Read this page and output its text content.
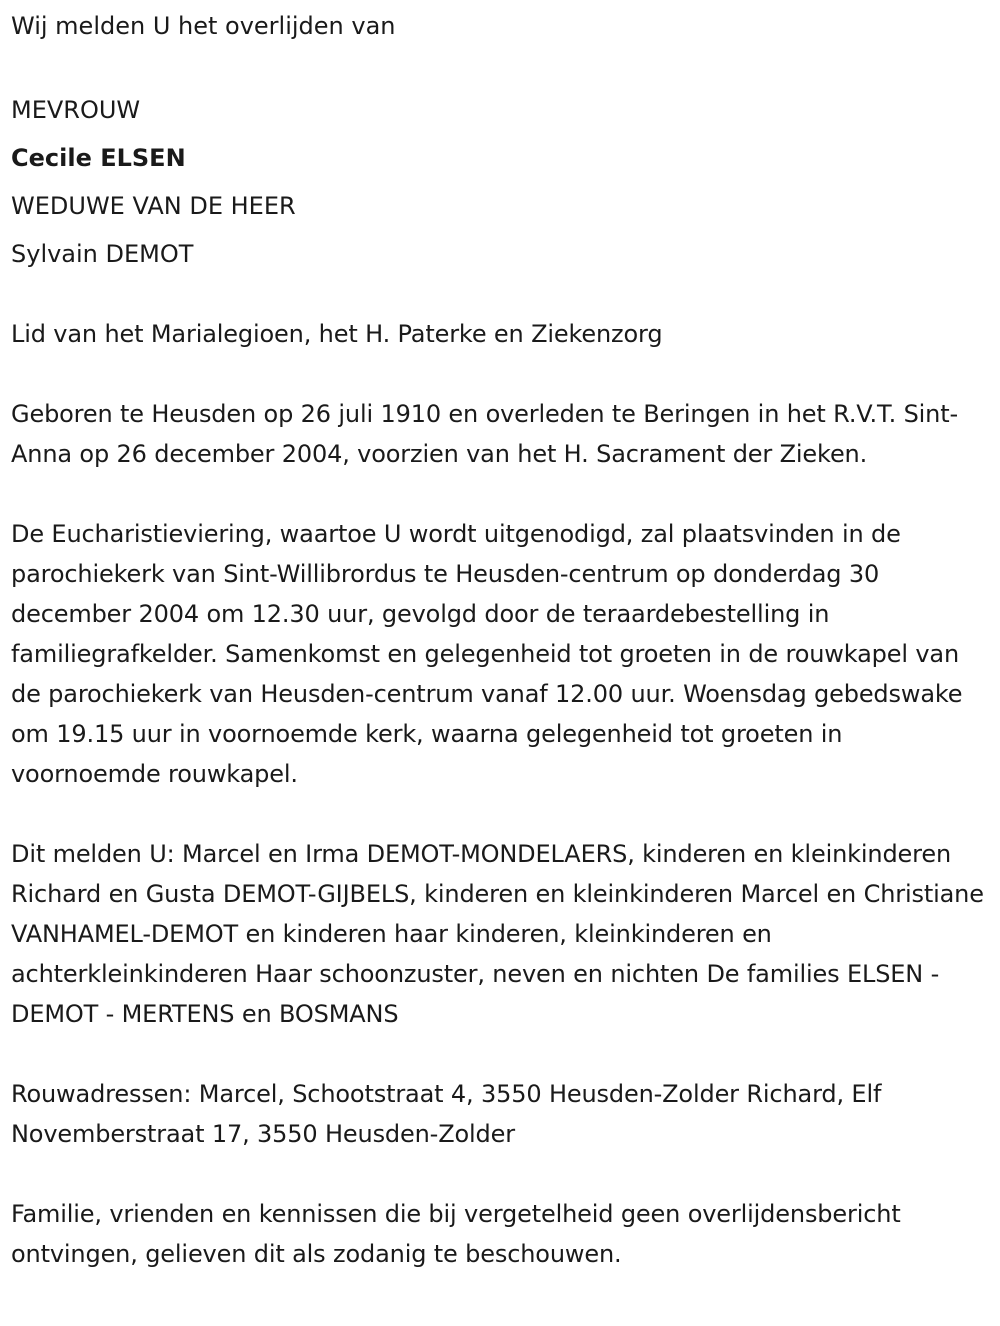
Wij melden U het overlijden van

MEVROUW

Cecile ELSEN

WEDUWE VAN DE HEER

Sylvain DEMOT

Lid van het Marialegioen, het H. Paterke en Ziekenzorg

Geboren te Heusden op 26 juli 1910 en overleden te Beringen in het R.V.T. Sint-Anna op 26 december 2004, voorzien van het H. Sacrament der Zieken.

De Eucharistieviering, waartoe U wordt uitgenodigd, zal plaatsvinden in de parochiekerk van Sint-Willibrordus te Heusden-centrum op donderdag 30 december 2004 om 12.30 uur, gevolgd door de teraardebestelling in familiegrafkelder. Samenkomst en gelegenheid tot groeten in de rouwkapel van de parochiekerk van Heusden-centrum vanaf 12.00 uur. Woensdag gebedswake om 19.15 uur in voornoemde kerk, waarna gelegenheid tot groeten in voornoemde rouwkapel.

Dit melden U: Marcel en Irma DEMOT-MONDELAERS, kinderen en kleinkinderen Richard en Gusta DEMOT-GIJBELS, kinderen en kleinkinderen Marcel en Christiane VANHAMEL-DEMOT en kinderen haar kinderen, kleinkinderen en achterkleinkinderen Haar schoonzuster, neven en nichten De families ELSEN - DEMOT - MERTENS en BOSMANS

Rouwadressen: Marcel, Schootstraat 4, 3550 Heusden-Zolder Richard, Elf Novemberstraat 17, 3550 Heusden-Zolder

Familie, vrienden en kennissen die bij vergetelheid geen overlijdensbericht ontvingen, gelieven dit als zodanig te beschouwen.
